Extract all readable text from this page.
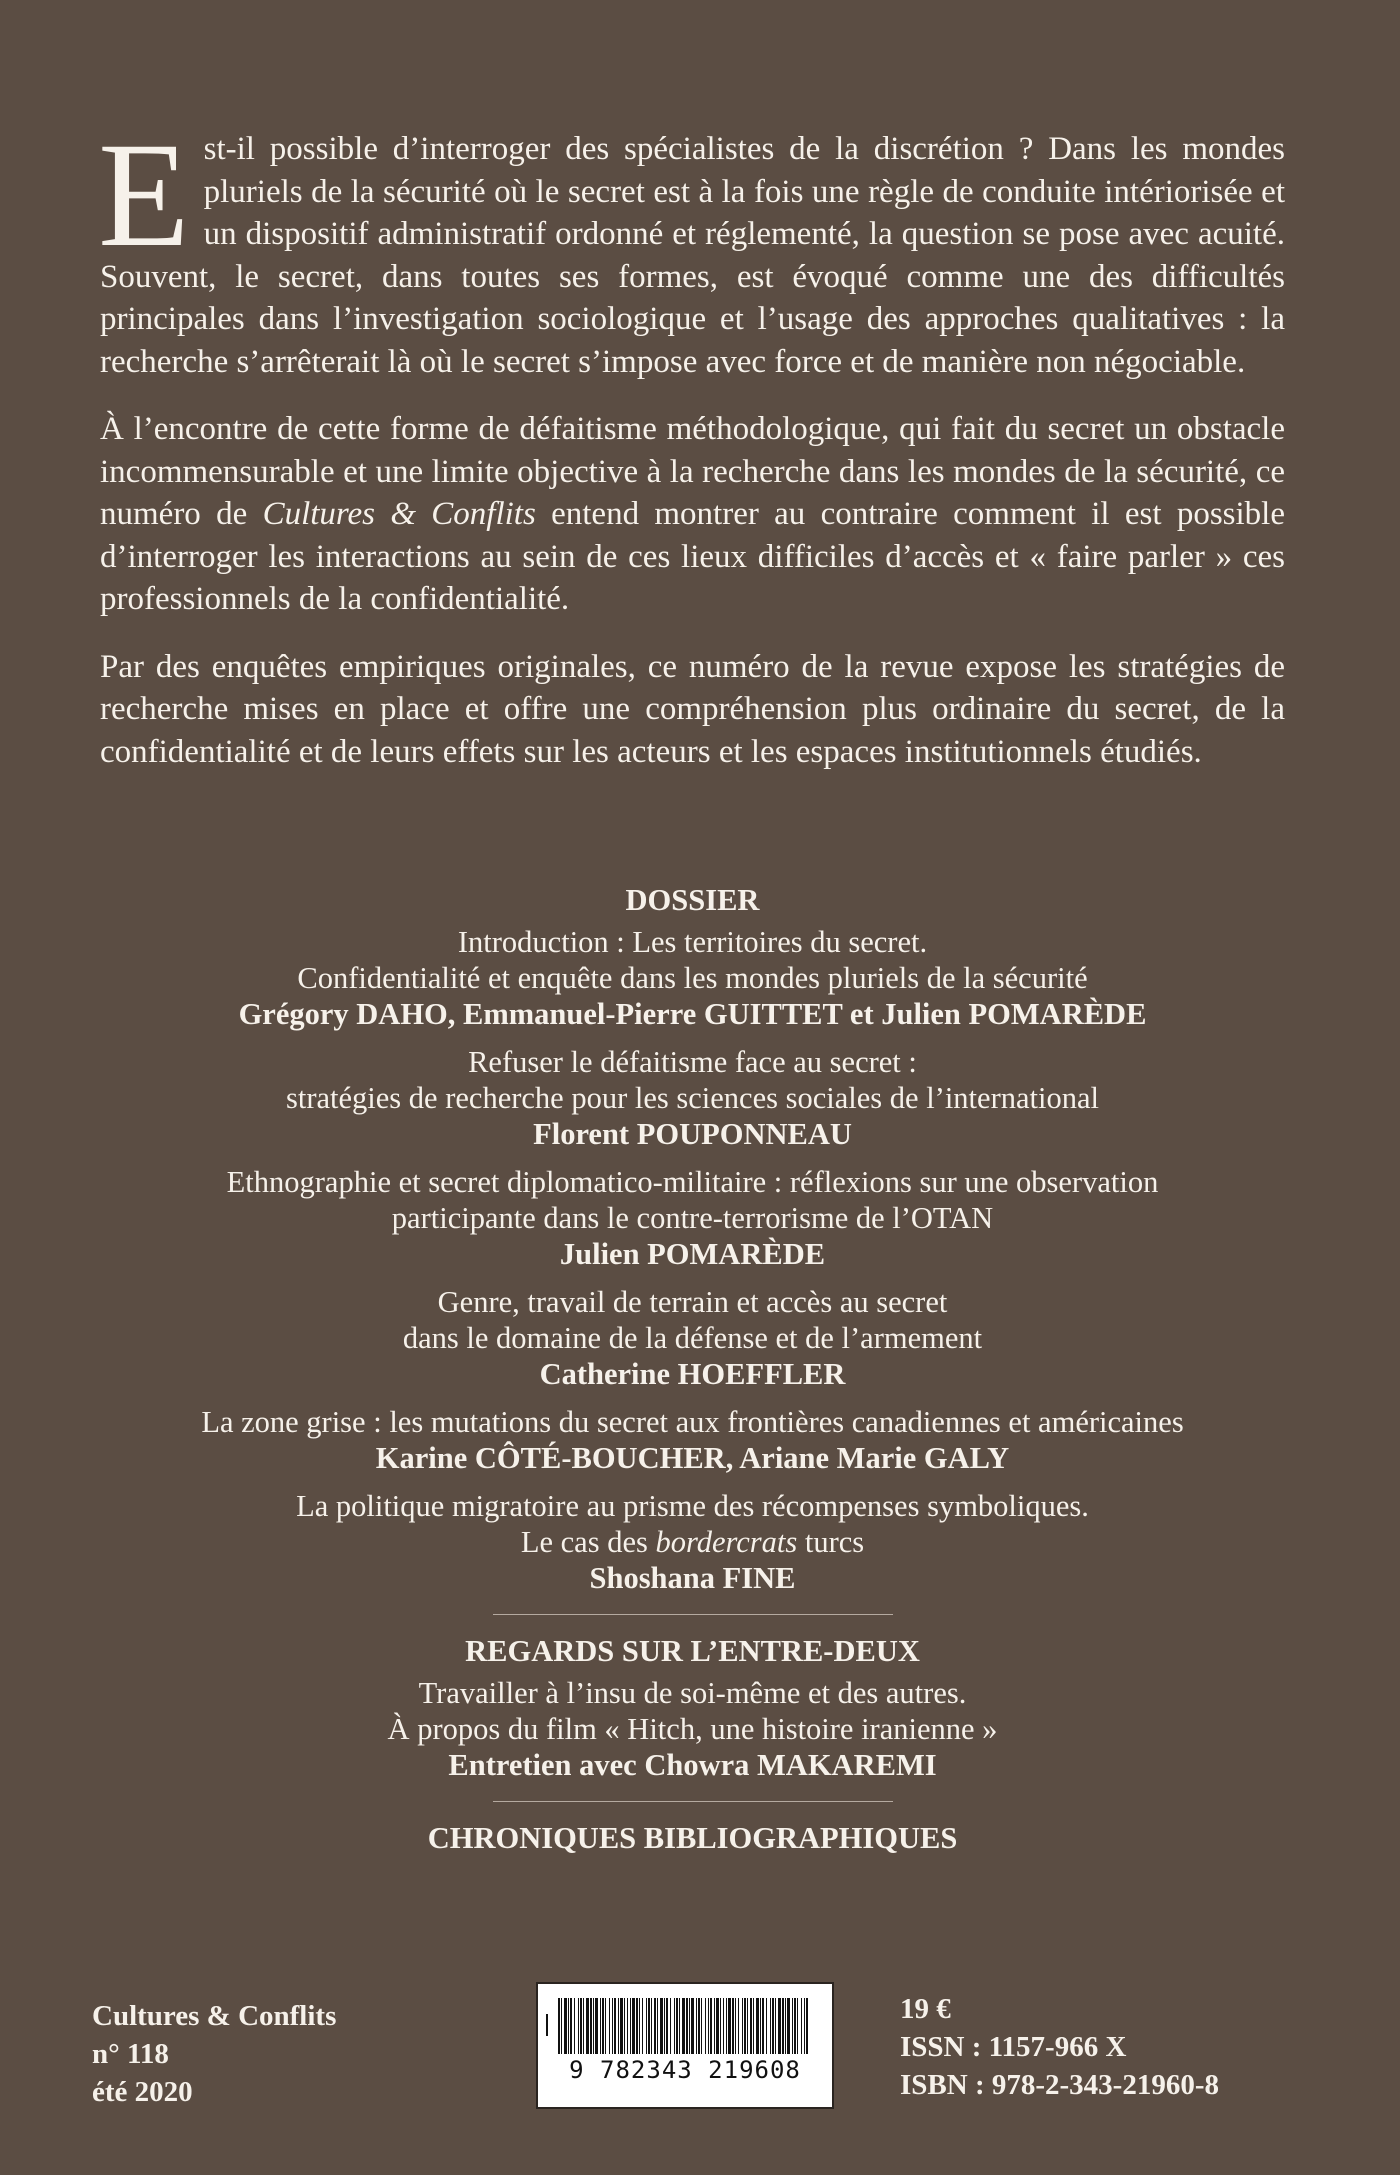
Est-il possible d’interroger des spécialistes de la discrétion ? Dans les mondes pluriels de la sécurité où le secret est à la fois une règle de conduite intériorisée et un dispositif administratif ordonné et réglementé, la question se pose avec acuité. Souvent, le secret, dans toutes ses formes, est évoqué comme une des difficultés principales dans l’investigation sociologique et l’usage des approches qualitatives : la recherche s’arrêterait là où le secret s’impose avec force et de manière non négociable.

À l’encontre de cette forme de défaitisme méthodologique, qui fait du secret un obstacle incommensurable et une limite objective à la recherche dans les mondes de la sécurité, ce numéro de Cultures & Conflits entend montrer au contraire comment il est possible d’interroger les interactions au sein de ces lieux difficiles d’accès et « faire parler » ces professionnels de la confidentialité.

Par des enquêtes empiriques originales, ce numéro de la revue expose les stratégies de recherche mises en place et offre une compréhension plus ordinaire du secret, de la confidentialité et de leurs effets sur les acteurs et les espaces institutionnels étudiés.

DOSSIER
Introduction : Les territoires du secret.
Confidentialité et enquête dans les mondes pluriels de la sécurité
Grégory DAHO, Emmanuel-Pierre GUITTET et Julien POMARÈDE
Refuser le défaitisme face au secret :
stratégies de recherche pour les sciences sociales de l’international
Florent POUPONNEAU
Ethnographie et secret diplomatico-militaire : réflexions sur une observation
participante dans le contre-terrorisme de l’OTAN
Julien POMARÈDE
Genre, travail de terrain et accès au secret
dans le domaine de la défense et de l’armement
Catherine HOEFFLER
La zone grise : les mutations du secret aux frontières canadiennes et américaines
Karine CÔTÉ-BOUCHER, Ariane Marie GALY
La politique migratoire au prisme des récompenses symboliques.
Le cas des bordercrats turcs
Shoshana FINE
REGARDS SUR L’ENTRE-DEUX
Travailler à l’insu de soi-même et des autres.
À propos du film « Hitch, une histoire iranienne »
Entretien avec Chowra MAKAREMI
CHRONIQUES BIBLIOGRAPHIQUES
Cultures & Conflits
n° 118
été 2020
9 782343 219608
19 €
ISSN : 1157-966 X
ISBN : 978-2-343-21960-8
